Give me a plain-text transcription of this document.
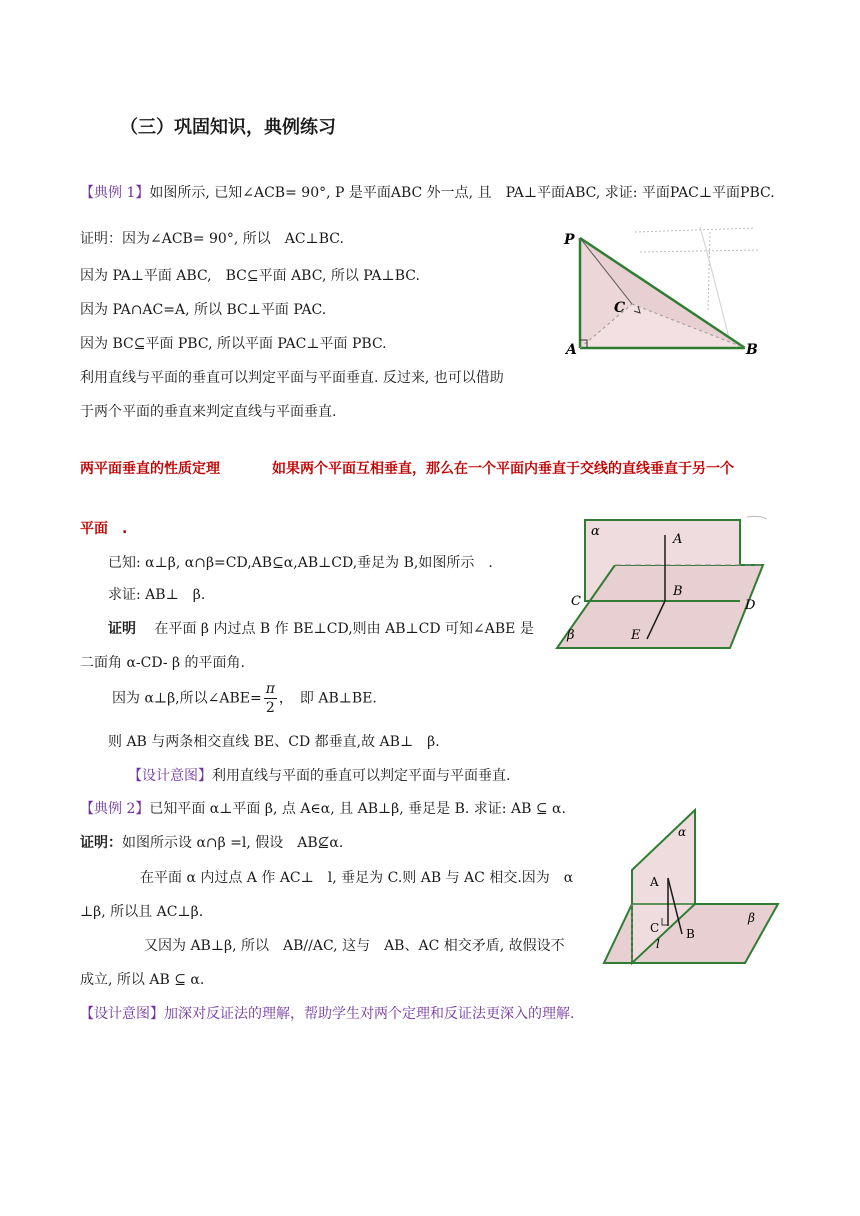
（三）巩固知识，典例练习
【典例 1】如图所示, 已知∠ACB= 90°, P 是平面ABC 外一点, 且　PA⊥平面ABC, 求证: 平面PAC⊥平面PBC.
证明：因为∠ACB= 90°, 所以　AC⊥BC.
因为 PA⊥平面 ABC,　BC⊆平面 ABC, 所以 PA⊥BC.
因为 PA∩AC=A, 所以 BC⊥平面 PAC.
因为 BC⊆平面 PBC, 所以平面 PAC⊥平面 PBC.
利用直线与平面的垂直可以判定平面与平面垂直. 反过来, 也可以借助
于两个平面的垂直来判定直线与平面垂直.
P
A	B
C
两平面垂直的性质定理	如果两个平面互相垂直，那么在一个平面内垂直于交线的直线垂直于另一个
平面　.
已知: α⊥β, α∩β=CD,AB⊆α,AB⊥CD,垂足为 B,如图所示　.
求证: AB⊥　β.
证明 在平面 β 内过点 B 作 BE⊥CD,则由 AB⊥CD 可知∠ABE 是
二面角 α-CD- β 的平面角.
因为 α⊥β,所以∠ABE= $\frac{\pi}{2}$ ，　即 AB⊥BE.
则 AB 与两条相交直线 BE、CD 都垂直,故 AB⊥　β.
【设计意图】利用直线与平面的垂直可以判定平面与平面垂直.
α
β
A
B
C	D
E
【典例 2】已知平面 α⊥平面 β, 点 A∈α, 且 AB⊥β, 垂足是 B. 求证: AB ⊆ α.
证明：如图所示设 α∩β =l, 假设　AB⊈α.
在平面 α 内过点 A 作 AC⊥　l, 垂足为 C.则 AB 与 AC 相交.因为　α
⊥β, 所以且 AC⊥β.
又因为 AB⊥β, 所以　AB//AC, 这与　AB、AC 相交矛盾, 故假设不
成立, 所以 AB ⊆ α.
【设计意图】加深对反证法的理解，帮助学生对两个定理和反证法更深入的理解.
α
β
A
C B
l
